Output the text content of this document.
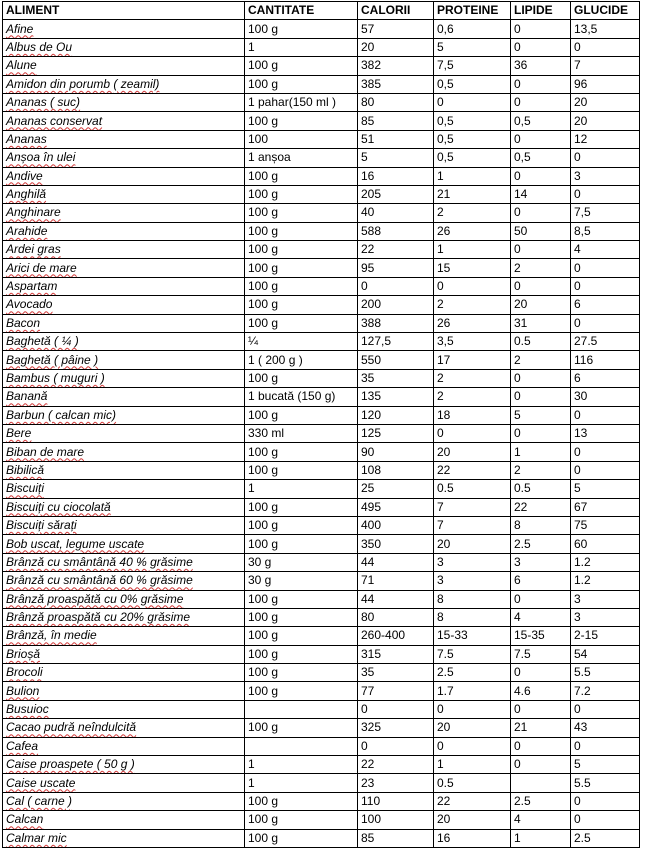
ALIMENT	CANTITATE	CALORII	PROTEINE	LIPIDE	GLUCIDE
Afine	100 g	57	0,6	0	13,5
Albus de Ou	1	20	5	0	0
Alune	100 g	382	7,5	36	7
Amidon din porumb ( zeamil)	100 g	385	0,5	0	96
Ananas ( suc)	1 pahar(150 ml )	80	0	0	20
Ananas conservat	100 g	85	0,5	0,5	20
Ananas	100	51	0,5	0	12
Anșoa în ulei	1 anșoa	5	0,5	0,5	0
Andive	100 g	16	1	0	3
Anghilă	100 g	205	21	14	0
Anghinare	100 g	40	2	0	7,5
Arahide	100 g	588	26	50	8,5
Ardei gras	100 g	22	1	0	4
Arici de mare	100 g	95	15	2	0
Aspartam	100 g	0	0	0	0
Avocado	100 g	200	2	20	6
Bacon	100 g	388	26	31	0
Baghetă ( ¼ )	¼	127,5	3,5	0.5	27.5
Baghetă ( pâine )	1 ( 200 g )	550	17	2	116
Bambus ( muguri )	100 g	35	2	0	6
Banană	1 bucată (150 g)	135	2	0	30
Barbun ( calcan mic)	100 g	120	18	5	0
Bere	330 ml	125	0	0	13
Biban de mare	100 g	90	20	1	0
Bibilică	100 g	108	22	2	0
Biscuiți	1	25	0.5	0.5	5
Biscuiți cu ciocolată	100 g	495	7	22	67
Biscuiți sărați	100 g	400	7	8	75
Bob uscat, legume uscate	100 g	350	20	2.5	60
Brânză cu smântână 40 % grăsime	30 g	44	3	3	1.2
Brânză cu smântână 60 % grăsime	30 g	71	3	6	1.2
Brânză proaspătă cu 0% grăsime	100 g	44	8	0	3
Brânză proaspătă cu 20% grăsime	100 g	80	8	4	3
Brânză, în medie	100 g	260-400	15-33	15-35	2-15
Brioșă	100 g	315	7.5	7.5	54
Brocoli	100 g	35	2.5	0	5.5
Bulion	100 g	77	1.7	4.6	7.2
Busuioc		0	0	0	0
Cacao pudră neîndulcită	100 g	325	20	21	43
Cafea		0	0	0	0
Caise proaspete ( 50 g )	1	22	1	0	5
Caise uscate	1	23	0.5		5.5
Cal ( carne )	100 g	110	22	2.5	0
Calcan	100 g	100	20	4	0
Calmar mic	100 g	85	16	1	2.5
